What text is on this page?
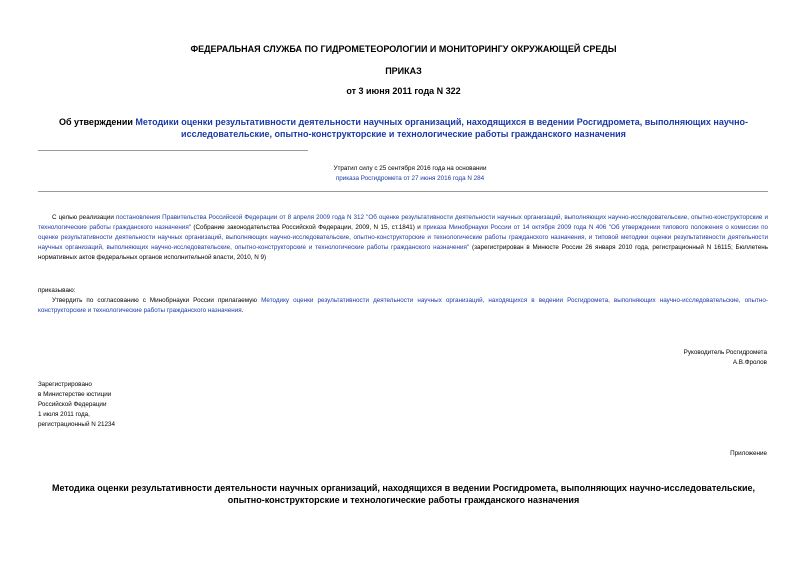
ФЕДЕРАЛЬНАЯ СЛУЖБА ПО ГИДРОМЕТЕОРОЛОГИИ И МОНИТОРИНГУ ОКРУЖАЮЩЕЙ СРЕДЫ
ПРИКАЗ
от 3 июня 2011 года N 322
Об утверждении Методики оценки результативности деятельности научных организаций, находящихся в ведении Росгидромета, выполняющих научно-исследовательские, опытно-конструкторские и технологические работы гражданского назначения
Утратил силу с 25 сентября 2016 года на основании
приказа Росгидромета от 27 июня 2016 года N 284
С целью реализации постановления Правительства Российской Федерации от 8 апреля 2009 года N 312 "Об оценке результативности деятельности научных организаций, выполняющих научно-исследовательские, опытно-конструкторские и технологические работы гражданского назначения" (Собрание законодательства Российской Федерации, 2009, N 15, ст.1841) и приказа Минобрнауки России от 14 октября 2009 года N 406 "Об утверждении типового положения о комиссии по оценке результативности деятельности научных организаций, выполняющих научно-исследовательские, опытно-конструкторские и технологические работы гражданского назначения, и типовой методики оценки результативности деятельности научных организаций, выполняющих научно-исследовательские, опытно-конструкторские и технологические работы гражданского назначения" (зарегистрирован в Минюсте России 26 января 2010 года, регистрационный N 16115; Бюллетень нормативных актов федеральных органов исполнительной власти, 2010, N 9)
приказываю:
Утвердить по согласованию с Минобрнауки России прилагаемую Методику оценки результативности деятельности научных организаций, находящихся в ведении Росгидромета, выполняющих научно-исследовательские, опытно-конструкторские и технологические работы гражданского назначения.
Руководитель Росгидромета
А.В.Фролов
Зарегистрировано
в Министерстве юстиции
Российской Федерации
1 июля 2011 года,
регистрационный N 21234
Приложение
Методика оценки результативности деятельности научных организаций, находящихся в ведении Росгидромета, выполняющих научно-исследовательские, опытно-конструкторские и технологические работы гражданского назначения
